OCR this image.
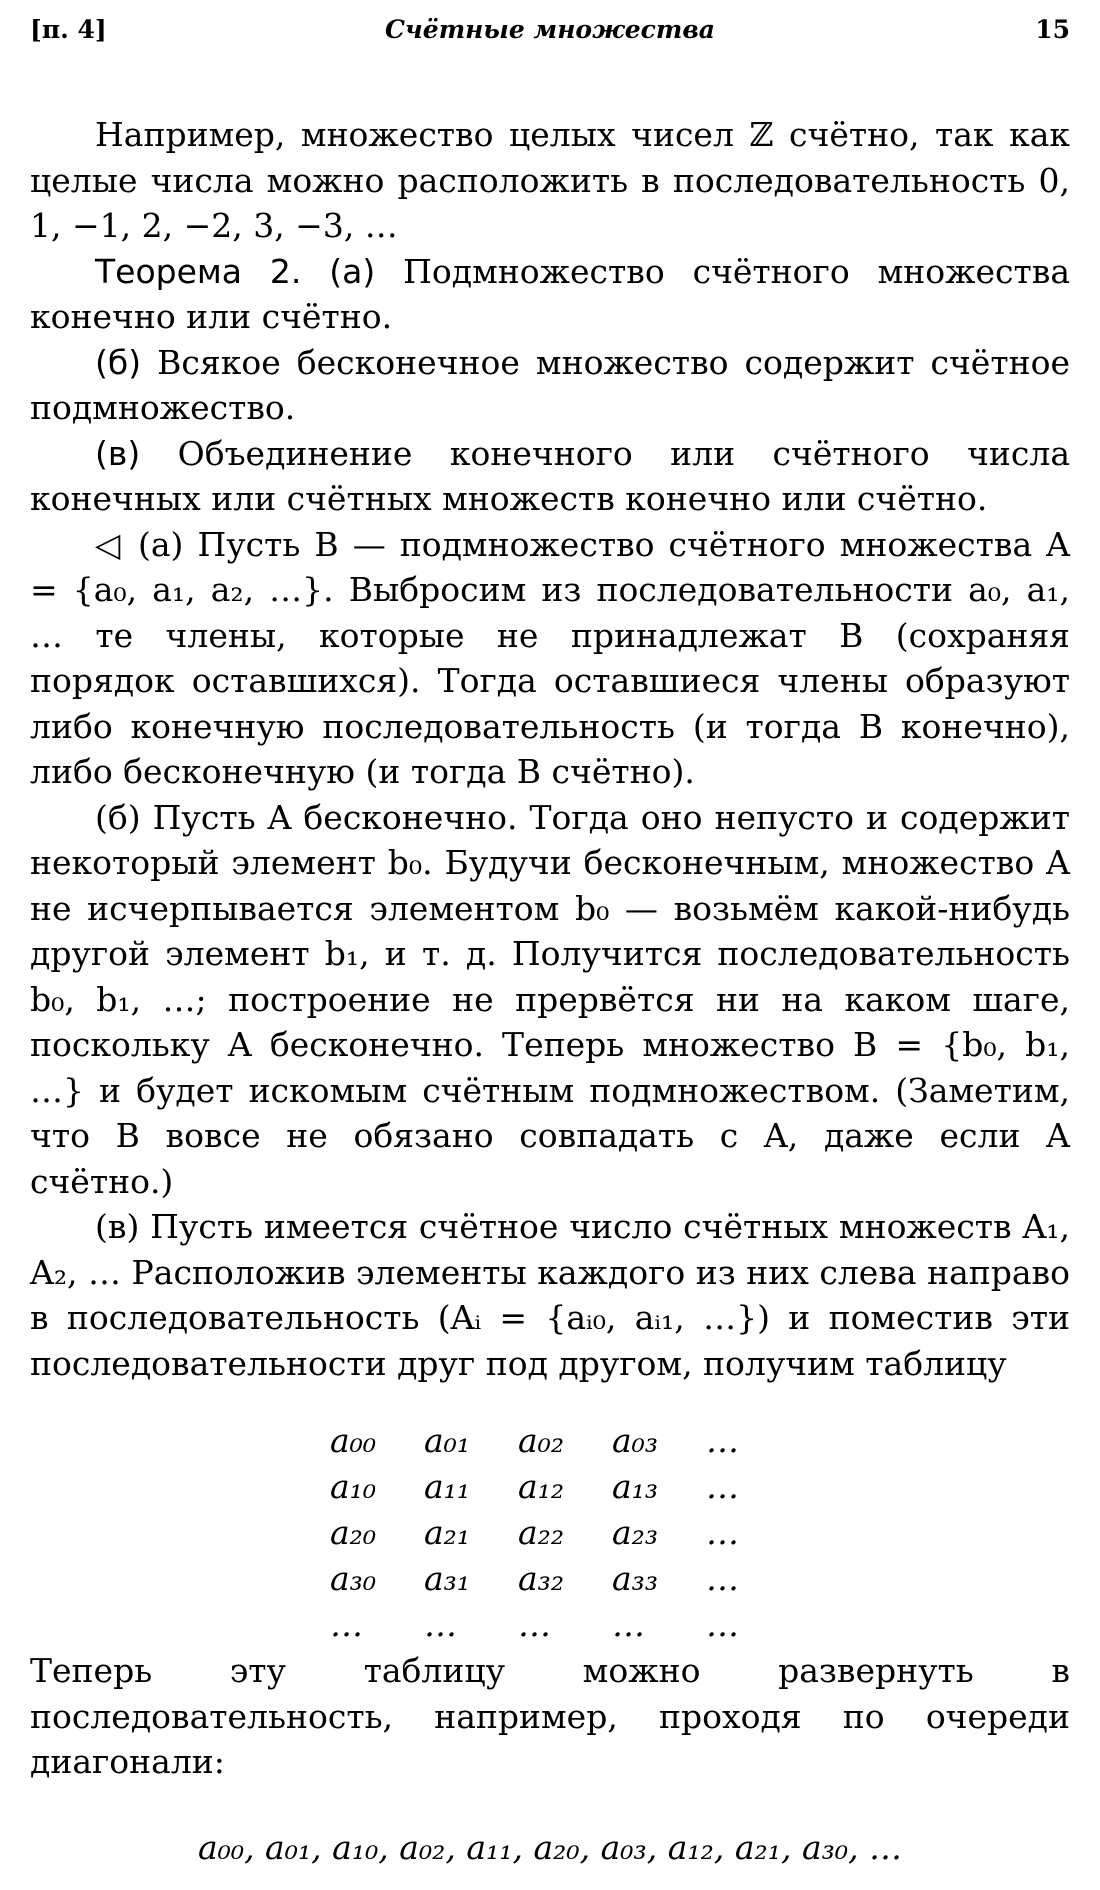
[п. 4]	Счётные множества	15

Например, множество целых чисел ℤ счётно, так как целые числа можно расположить в последовательность 0, 1, −1, 2, −2, 3, −3, …

Теорема 2. (а) Подмножество счётного множества конечно или счётно.

(б) Всякое бесконечное множество содержит счётное подмножество.

(в) Объединение конечного или счётного числа конечных или счётных множеств конечно или счётно.

◁ (а) Пусть B — подмножество счётного множества A = {a₀, a₁, a₂, …}. Выбросим из последовательности a₀, a₁, … те члены, которые не принадлежат B (сохраняя порядок оставшихся). Тогда оставшиеся члены образуют либо конечную последовательность (и тогда B конечно), либо бесконечную (и тогда B счётно).

(б) Пусть A бесконечно. Тогда оно непусто и содержит некоторый элемент b₀. Будучи бесконечным, множество A не исчерпывается элементом b₀ — возьмём какой-нибудь другой элемент b₁, и т. д. Получится последовательность b₀, b₁, …; построение не прервётся ни на каком шаге, поскольку A бесконечно. Теперь множество B = {b₀, b₁, …} и будет искомым счётным подмножеством. (Заметим, что B вовсе не обязано совпадать с A, даже если A счётно.)

(в) Пусть имеется счётное число счётных множеств A₁, A₂, … Расположив элементы каждого из них слева направо в последовательность (Aᵢ = {aᵢ₀, aᵢ₁, …}) и поместив эти последовательности друг под другом, получим таблицу

a₀₀	a₀₁	a₀₂	a₀₃	…
a₁₀	a₁₁	a₁₂	a₁₃	…
a₂₀	a₂₁	a₂₂	a₂₃	…
a₃₀	a₃₁	a₃₂	a₃₃	…
…	…	…	…	…

Теперь эту таблицу можно развернуть в последовательность, например, проходя по очереди диагонали:

a₀₀, a₀₁, a₁₀, a₀₂, a₁₁, a₂₀, a₀₃, a₁₂, a₂₁, a₃₀, …
